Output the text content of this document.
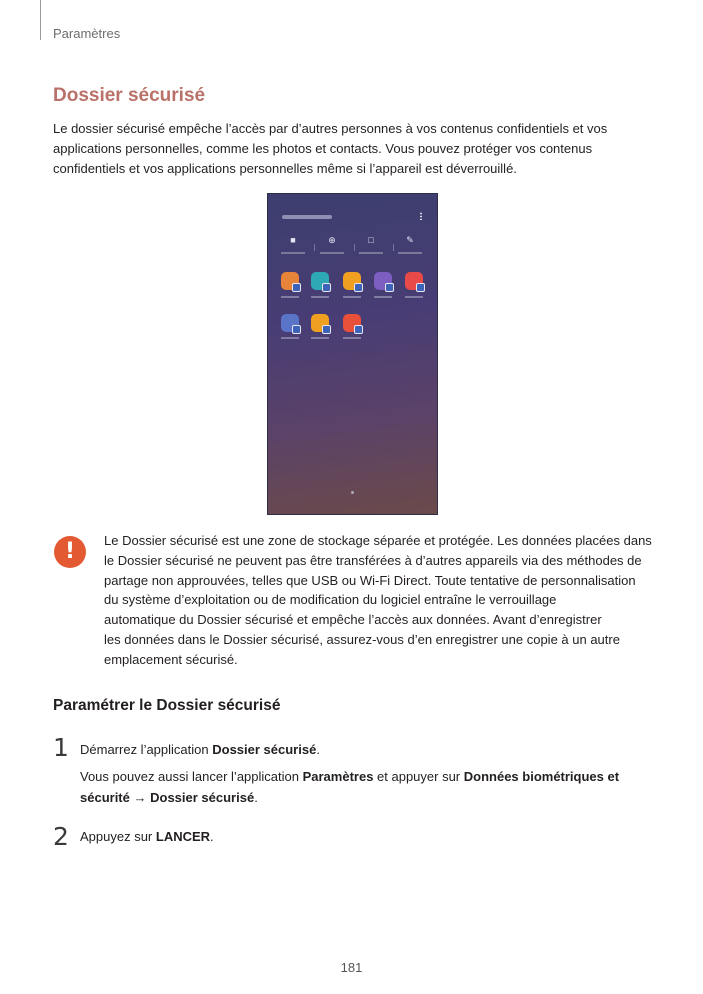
Paramètres
Dossier sécurisé
Le dossier sécurisé empêche l’accès par d’autres personnes à vos contenus confidentiels et vos
applications personnelles, comme les photos et contacts. Vous pouvez protéger vos contenus
confidentiels et vos applications personnelles même si l’appareil est déverrouillé.
■	⊕	□	✎
!	Le Dossier sécurisé est une zone de stockage séparée et protégée. Les données placées dans
le Dossier sécurisé ne peuvent pas être transférées à d’autres appareils via des méthodes de
partage non approuvées, telles que USB ou Wi-Fi Direct. Toute tentative de personnalisation
du système d’exploitation ou de modification du logiciel entraîne le verrouillage
automatique du Dossier sécurisé et empêche l’accès aux données. Avant d’enregistrer
les données dans le Dossier sécurisé, assurez-vous d’en enregistrer une copie à un autre
emplacement sécurisé.
Paramétrer le Dossier sécurisé
1 Démarrez l’application Dossier sécurisé.
Vous pouvez aussi lancer l’application Paramètres et appuyer sur Données biométriques et
sécurité → Dossier sécurisé.
2 Appuyez sur LANCER.
181
